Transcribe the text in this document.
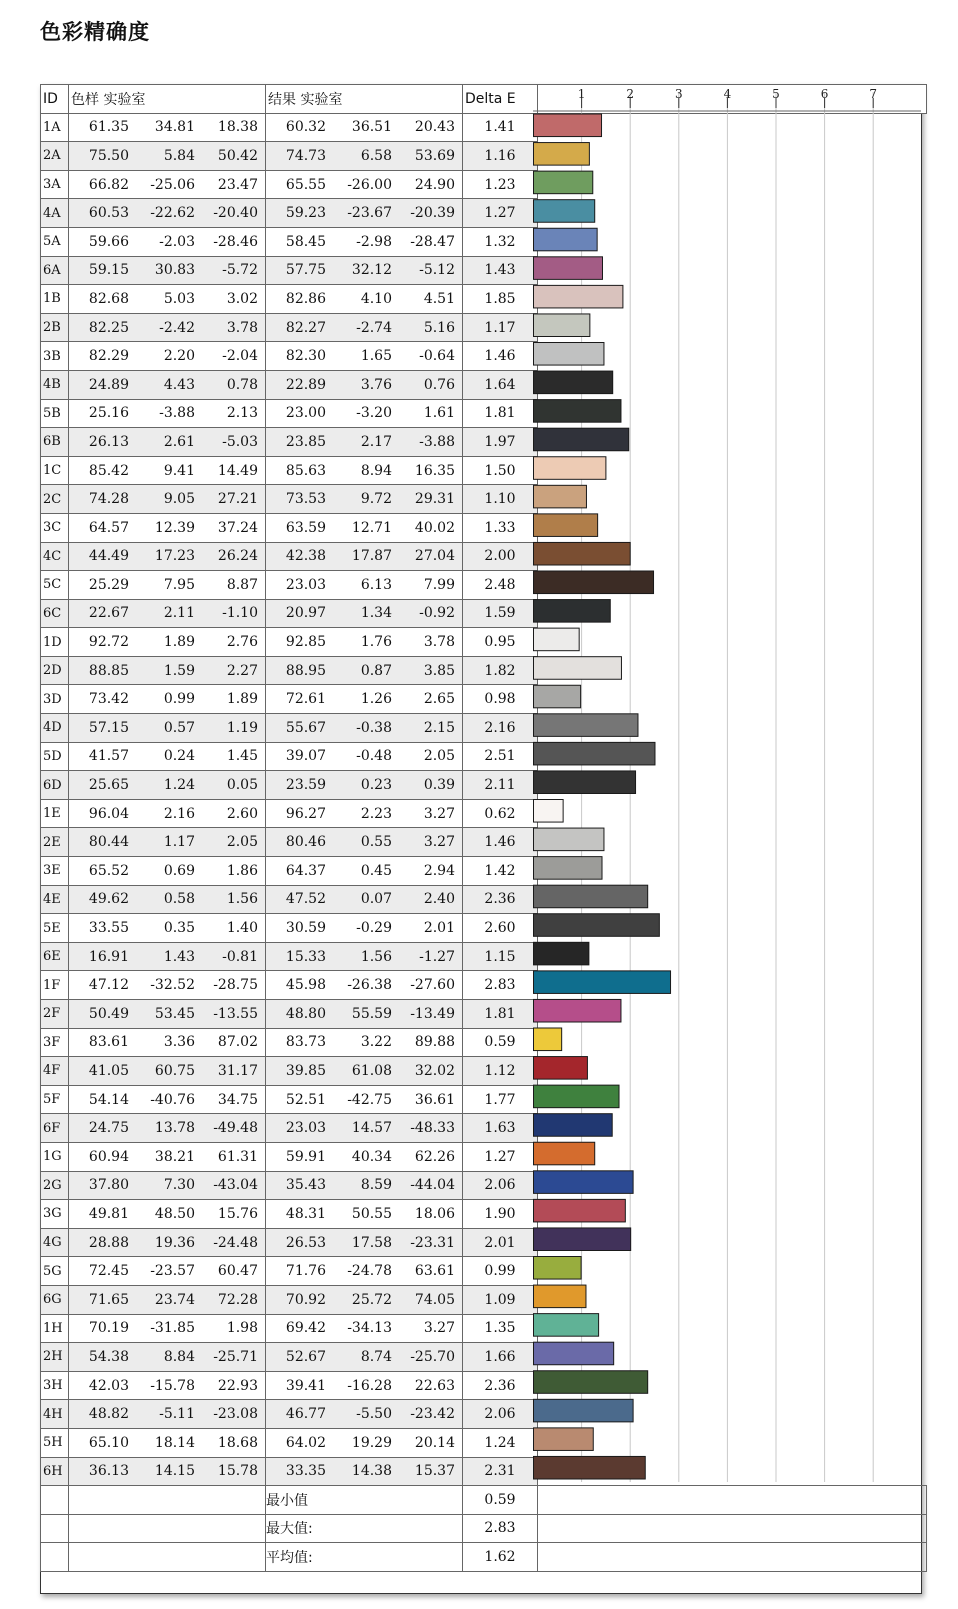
色彩精确度
ID	色样 实验室	结果 实验室	Delta E	
1A	61.35 34.81 18.38	60.32 36.51 20.43	1.41	
2A	75.50 5.84 50.42	74.73 6.58 53.69	1.16	
3A	66.82 -25.06 23.47	65.55 -26.00 24.90	1.23	
4A	60.53 -22.62 -20.40	59.23 -23.67 -20.39	1.27	
5A	59.66 -2.03 -28.46	58.45 -2.98 -28.47	1.32	
6A	59.15 30.83 -5.72	57.75 32.12 -5.12	1.43	
1B	82.68 5.03 3.02	82.86 4.10 4.51	1.85	
2B	82.25 -2.42 3.78	82.27 -2.74 5.16	1.17	
3B	82.29 2.20 -2.04	82.30 1.65 -0.64	1.46	
4B	24.89 4.43 0.78	22.89 3.76 0.76	1.64	
5B	25.16 -3.88 2.13	23.00 -3.20 1.61	1.81	
6B	26.13 2.61 -5.03	23.85 2.17 -3.88	1.97	
1C	85.42 9.41 14.49	85.63 8.94 16.35	1.50	
2C	74.28 9.05 27.21	73.53 9.72 29.31	1.10	
3C	64.57 12.39 37.24	63.59 12.71 40.02	1.33	
4C	44.49 17.23 26.24	42.38 17.87 27.04	2.00	
5C	25.29 7.95 8.87	23.03 6.13 7.99	2.48	
6C	22.67 2.11 -1.10	20.97 1.34 -0.92	1.59	
1D	92.72 1.89 2.76	92.85 1.76 3.78	0.95	
2D	88.85 1.59 2.27	88.95 0.87 3.85	1.82	
3D	73.42 0.99 1.89	72.61 1.26 2.65	0.98	
4D	57.15 0.57 1.19	55.67 -0.38 2.15	2.16	
5D	41.57 0.24 1.45	39.07 -0.48 2.05	2.51	
6D	25.65 1.24 0.05	23.59 0.23 0.39	2.11	
1E	96.04 2.16 2.60	96.27 2.23 3.27	0.62	
2E	80.44 1.17 2.05	80.46 0.55 3.27	1.46	
3E	65.52 0.69 1.86	64.37 0.45 2.94	1.42	
4E	49.62 0.58 1.56	47.52 0.07 2.40	2.36	
5E	33.55 0.35 1.40	30.59 -0.29 2.01	2.60	
6E	16.91 1.43 -0.81	15.33 1.56 -1.27	1.15	
1F	47.12 -32.52 -28.75	45.98 -26.38 -27.60	2.83	
2F	50.49 53.45 -13.55	48.80 55.59 -13.49	1.81	
3F	83.61 3.36 87.02	83.73 3.22 89.88	0.59	
4F	41.05 60.75 31.17	39.85 61.08 32.02	1.12	
5F	54.14 -40.76 34.75	52.51 -42.75 36.61	1.77	
6F	24.75 13.78 -49.48	23.03 14.57 -48.33	1.63	
1G	60.94 38.21 61.31	59.91 40.34 62.26	1.27	
2G	37.80 7.30 -43.04	35.43 8.59 -44.04	2.06	
3G	49.81 48.50 15.76	48.31 50.55 18.06	1.90	
4G	28.88 19.36 -24.48	26.53 17.58 -23.31	2.01	
5G	72.45 -23.57 60.47	71.76 -24.78 63.61	0.99	
6G	71.65 23.74 72.28	70.92 25.72 74.05	1.09	
1H	70.19 -31.85 1.98	69.42 -34.13 3.27	1.35	
2H	54.38 8.84 -25.71	52.67 8.74 -25.70	1.66	
3H	42.03 -15.78 22.93	39.41 -16.28 22.63	2.36	
4H	48.82 -5.11 -23.08	46.77 -5.50 -23.42	2.06	
5H	65.10 18.14 18.68	64.02 19.29 20.14	1.24	
6H	36.13 14.15 15.78	33.35 14.38 15.37	2.31	
		最小值	0.59	
		最大值:	2.83	
		平均值:	1.62	
1	2	3	4	5	6	7
